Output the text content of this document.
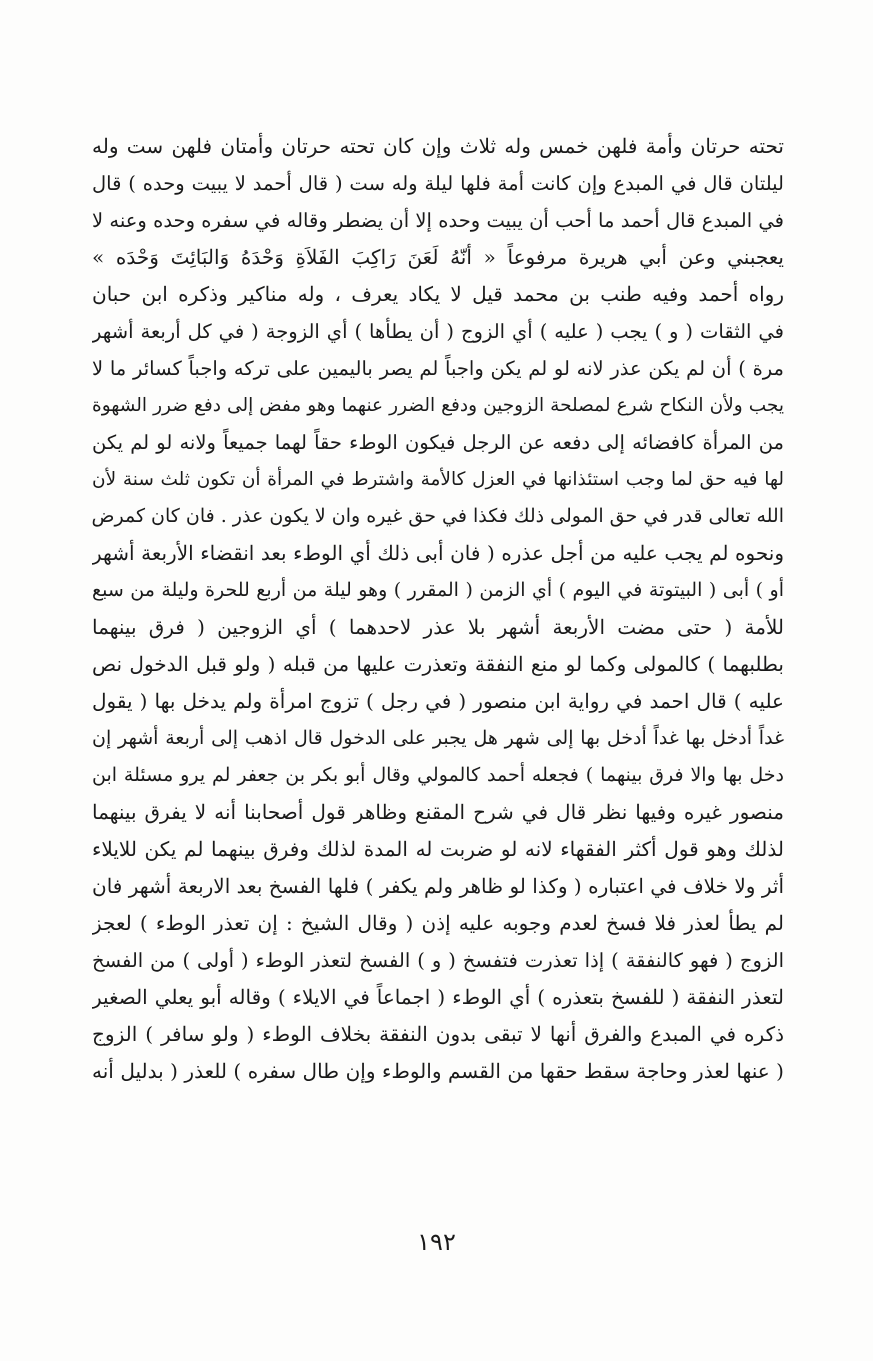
تحته حرتان وأمة فلهن خمس وله ثلاث وإن كان تحته حرتان وأمتان فلهن ست وله
ليلتان قال في المبدع وإن كانت أمة فلها ليلة وله ست ( قال أحمد لا يبيت وحده ) قال
في المبدع قال أحمد ما أحب أن يبيت وحده إلا أن يضطر وقاله في سفره وحده وعنه لا
يعجبني وعن أبي هريرة مرفوعاً « أنّهُ لَعَنَ رَاكِبَ الفَلاَةِ وَحْدَهُ وَالبَائِتَ وَحْدَه »
رواه أحمد وفيه طنب بن محمد قيل لا يكاد يعرف ، وله مناكير وذكره ابن حبان
في الثقات ( و ) يجب ( عليه ) أي الزوج ( أن يطأها ) أي الزوجة ( في كل أربعة أشهر
مرة ) أن لم يكن عذر لانه لو لم يكن واجباً لم يصر باليمين على تركه واجباً كسائر ما لا
يجب ولأن النكاح شرع لمصلحة الزوجين ودفع الضرر عنهما وهو مفض إلى دفع ضرر الشهوة
من المرأة كافضائه إلى دفعه عن الرجل فيكون الوطء حقاً لهما جميعاً ولانه لو لم يكن
لها فيه حق لما وجب استئذانها في العزل كالأمة واشترط في المرأة أن تكون ثلث سنة لأن
الله تعالى قدر في حق المولى ذلك فكذا في حق غيره وان لا يكون عذر . فان كان كمرض
ونحوه لم يجب عليه من أجل عذره ( فان أبى ذلك أي الوطء بعد انقضاء الأربعة أشهر
أو ) أبى ( البيتوتة في اليوم ) أي الزمن ( المقرر ) وهو ليلة من أربع للحرة وليلة من سبع
للأمة ( حتى مضت الأربعة أشهر بلا عذر لاحدهما ) أي الزوجين ( فرق بينهما
بطلبهما ) كالمولى وكما لو منع النفقة وتعذرت عليها من قبله ( ولو قبل الدخول نص
عليه ) قال احمد في رواية ابن منصور ( في رجل ) تزوج امرأة ولم يدخل بها ( يقول
غداً أدخل بها غداً أدخل بها إلى شهر هل يجبر على الدخول قال اذهب إلى أربعة أشهر إن
دخل بها والا فرق بينهما ) فجعله أحمد كالمولي وقال أبو بكر بن جعفر لم يرو مسئلة ابن
منصور غيره وفيها نظر قال في شرح المقنع وظاهر قول أصحابنا أنه لا يفرق بينهما
لذلك وهو قول أكثر الفقهاء لانه لو ضربت له المدة لذلك وفرق بينهما لم يكن للايلاء
أثر ولا خلاف في اعتباره ( وكذا لو ظاهر ولم يكفر ) فلها الفسخ بعد الاربعة أشهر فان
لم يطأ لعذر فلا فسخ لعدم وجوبه عليه إذن ( وقال الشيخ : إن تعذر الوطء ) لعجز
الزوج ( فهو كالنفقة ) إذا تعذرت فتفسخ ( و ) الفسخ لتعذر الوطء ( أولى ) من الفسخ
لتعذر النفقة ( للفسخ بتعذره ) أي الوطء ( اجماعاً في الايلاء ) وقاله أبو يعلي الصغير
ذكره في المبدع والفرق أنها لا تبقى بدون النفقة بخلاف الوطء ( ولو سافر ) الزوج
( عنها لعذر وحاجة سقط حقها من القسم والوطء وإن طال سفره ) للعذر ( بدليل أنه
١٩٢
